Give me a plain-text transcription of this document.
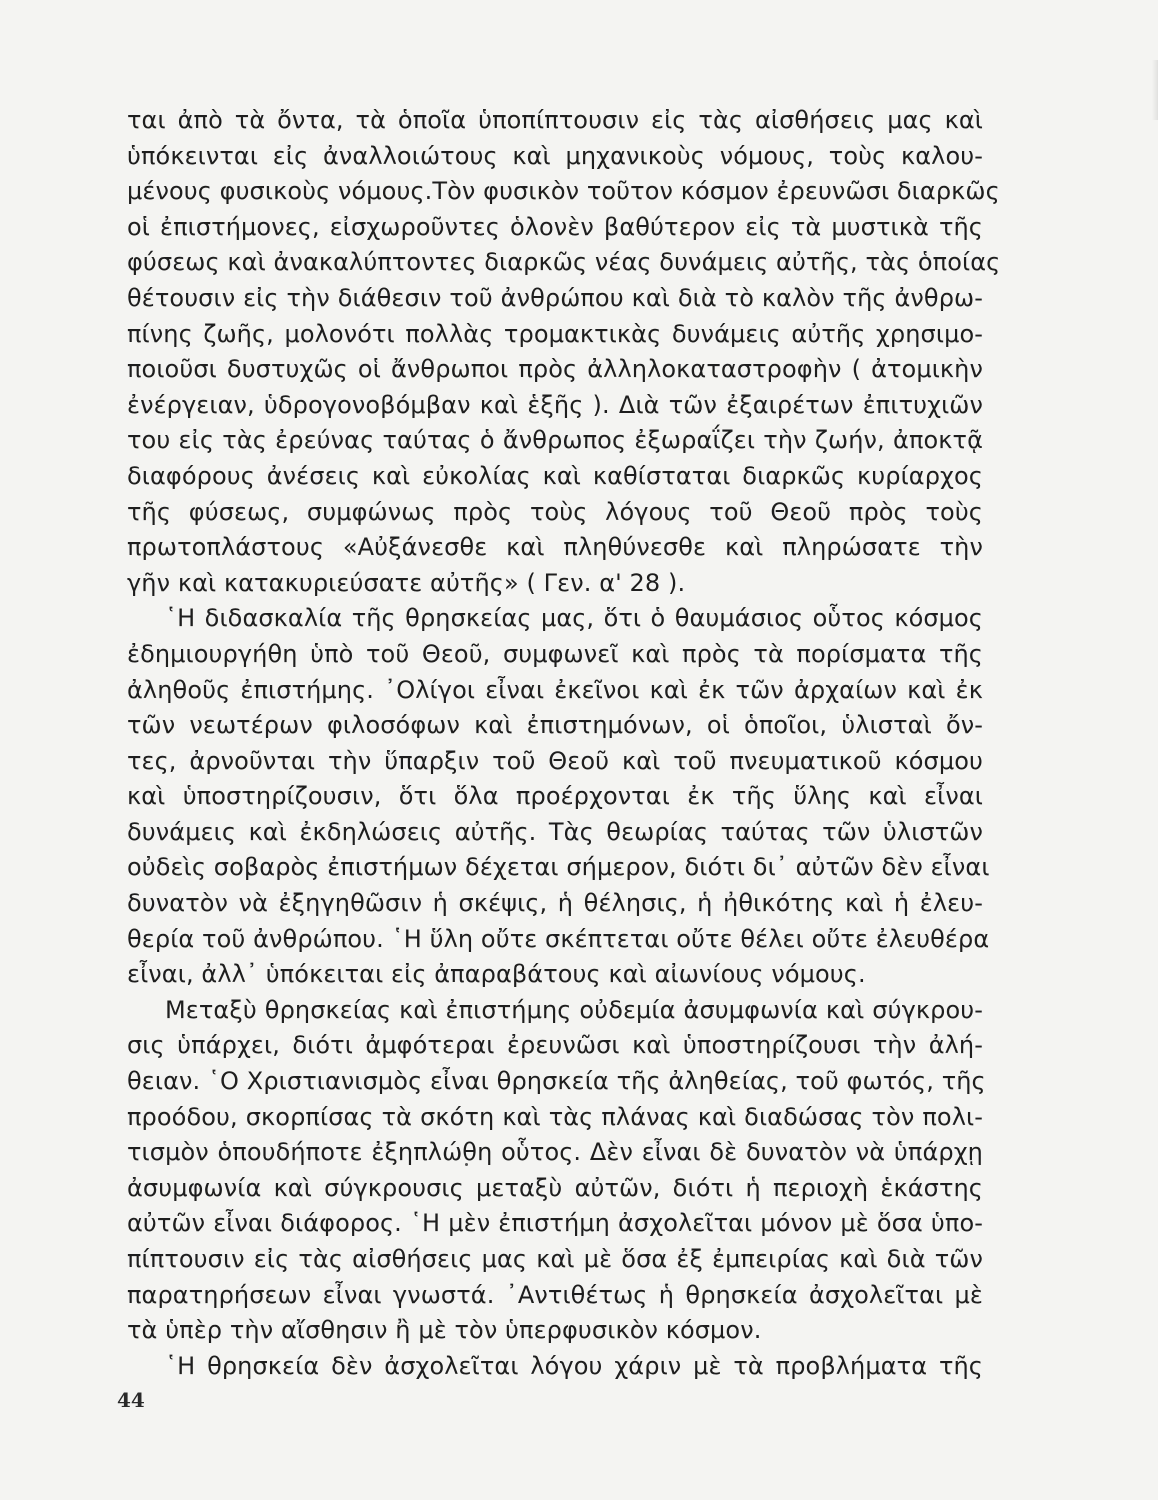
ται ἀπὸ τὰ ὄντα, τὰ ὁποῖα ὑποπίπτουσιν εἰς τὰς αἰσθήσεις μας καὶ
ὑπόκεινται εἰς ἀναλλοιώτους καὶ μηχανικοὺς νόμους, τοὺς καλου-
μένους φυσικοὺς νόμους.Τὸν φυσικὸν τοῦτον κόσμον ἐρευνῶσι διαρκῶς
οἱ ἐπιστήμονες, εἰσχωροῦντες ὁλονὲν βαθύτερον εἰς τὰ μυστικὰ τῆς
φύσεως καὶ ἀνακαλύπτοντες διαρκῶς νέας δυνάμεις αὐτῆς, τὰς ὁποίας
θέτουσιν εἰς τὴν διάθεσιν τοῦ ἀνθρώπου καὶ διὰ τὸ καλὸν τῆς ἀνθρω-
πίνης ζωῆς, μολονότι πολλὰς τρομακτικὰς δυνάμεις αὐτῆς χρησιμο-
ποιοῦσι δυστυχῶς οἱ ἄνθρωποι πρὸς ἀλληλοκαταστροφὴν ( ἀτομικὴν
ἐνέργειαν, ὑδρογονοβόμβαν καὶ ἑξῆς ). Διὰ τῶν ἐξαιρέτων ἐπιτυχιῶν
του εἰς τὰς ἐρεύνας ταύτας ὁ ἄνθρωπος ἐξωραΐζει τὴν ζωήν, ἀποκτᾷ
διαφόρους ἀνέσεις καὶ εὐκολίας καὶ καθίσταται διαρκῶς κυρίαρχος
τῆς φύσεως, συμφώνως πρὸς τοὺς λόγους τοῦ Θεοῦ πρὸς τοὺς
πρωτοπλάστους «Αὐξάνεσθε καὶ πληθύνεσθε καὶ πληρώσατε τὴν
γῆν καὶ κατακυριεύσατε αὐτῆς» ( Γεν. α' 28 ).
῾Η διδασκαλία τῆς θρησκείας μας, ὅτι ὁ θαυμάσιος οὗτος κόσμος
ἐδημιουργήθη ὑπὸ τοῦ Θεοῦ, συμφωνεῖ καὶ πρὸς τὰ πορίσματα τῆς
ἀληθοῦς ἐπιστήμης. ᾿Ολίγοι εἶναι ἐκεῖνοι καὶ ἐκ τῶν ἀρχαίων καὶ ἐκ
τῶν νεωτέρων φιλοσόφων καὶ ἐπιστημόνων, οἱ ὁποῖοι, ὑλισταὶ ὄν-
τες, ἀρνοῦνται τὴν ὕπαρξιν τοῦ Θεοῦ καὶ τοῦ πνευματικοῦ κόσμου
καὶ ὑποστηρίζουσιν, ὅτι ὅλα προέρχονται ἐκ τῆς ὕλης καὶ εἶναι
δυνάμεις καὶ ἐκδηλώσεις αὐτῆς. Τὰς θεωρίας ταύτας τῶν ὑλιστῶν
οὐδεὶς σοβαρὸς ἐπιστήμων δέχεται σήμερον, διότι δι᾿ αὐτῶν δὲν εἶναι
δυνατὸν νὰ ἐξηγηθῶσιν ἡ σκέψις, ἡ θέλησις, ἡ ἠθικότης καὶ ἡ ἐλευ-
θερία τοῦ ἀνθρώπου. ῾Η ὕλη οὔτε σκέπτεται οὔτε θέλει οὔτε ἐλευθέρα
εἶναι, ἀλλ᾿ ὑπόκειται εἰς ἀπαραβάτους καὶ αἰωνίους νόμους.
Μεταξὺ θρησκείας καὶ ἐπιστήμης οὐδεμία ἀσυμφωνία καὶ σύγκρου-
σις ὑπάρχει, διότι ἀμφότεραι ἐρευνῶσι καὶ ὑποστηρίζουσι τὴν ἀλή-
θειαν. ῾Ο Χριστιανισμὸς εἶναι θρησκεία τῆς ἀληθείας, τοῦ φωτός, τῆς
προόδου, σκορπίσας τὰ σκότη καὶ τὰς πλάνας καὶ διαδώσας τὸν πολι-
τισμὸν ὁπουδήποτε ἐξηπλώθη οὗτος. Δὲν εἶναι δὲ δυνατὸν νὰ ὑπάρχῃ
ἀσυμφωνία καὶ σύγκρουσις μεταξὺ αὐτῶν, διότι ἡ περιοχὴ ἑκάστης
αὐτῶν εἶναι διάφορος. ῾Η μὲν ἐπιστήμη ἀσχολεῖται μόνον μὲ ὅσα ὑπο-
πίπτουσιν εἰς τὰς αἰσθήσεις μας καὶ μὲ ὅσα ἐξ ἐμπειρίας καὶ διὰ τῶν
παρατηρήσεων εἶναι γνωστά. ᾿Αντιθέτως ἡ θρησκεία ἀσχολεῖται μὲ
τὰ ὑπὲρ τὴν αἴσθησιν ἢ μὲ τὸν ὑπερφυσικὸν κόσμον.
῾Η θρησκεία δὲν ἀσχολεῖται λόγου χάριν μὲ τὰ προβλήματα τῆς
44
